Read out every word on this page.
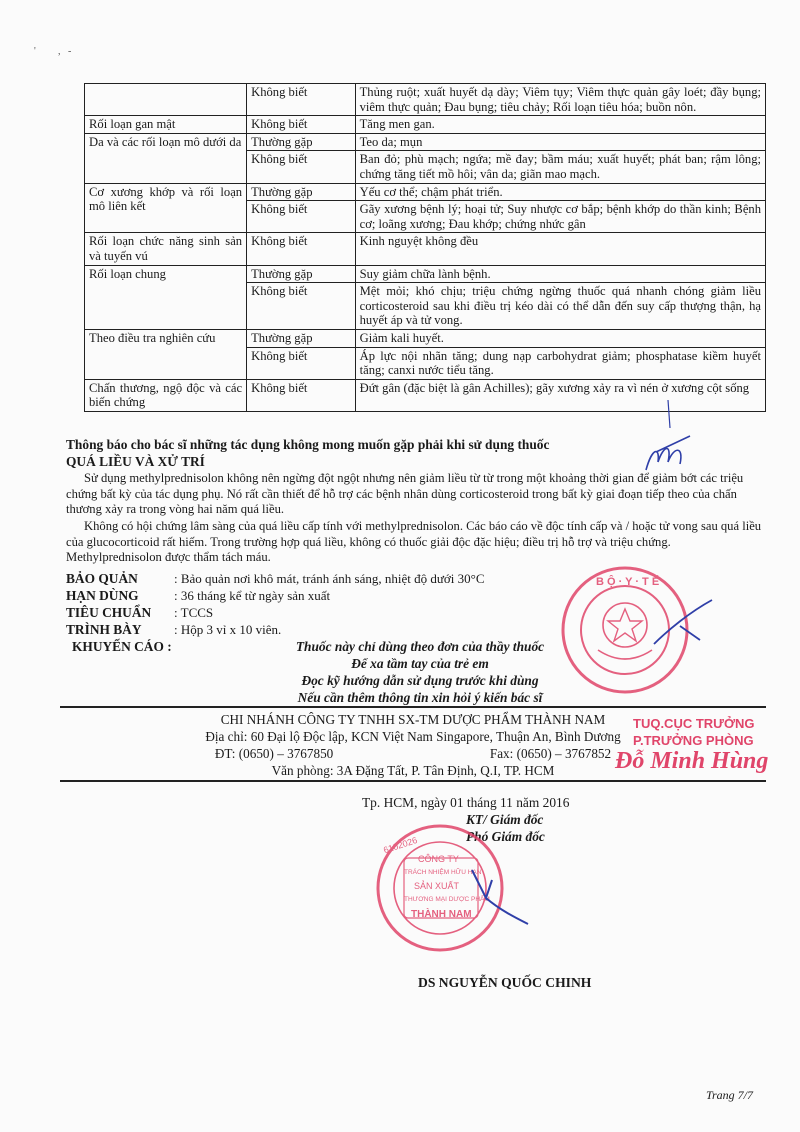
' , -
	Không biết	Thủng ruột; xuất huyết dạ dày; Viêm tụy; Viêm thực quản gây loét; đầy bụng; viêm thực quản; Đau bụng; tiêu chảy; Rối loạn tiêu hóa; buồn nôn.
Rối loạn gan mật	Không biết	Tăng men gan.
Da và các rối loạn mô dưới da	Thường gặp	Teo da; mụn
	Không biết	Ban đỏ; phù mạch; ngứa; mề đay; bầm máu; xuất huyết; phát ban; rậm lông; chứng tăng tiết mồ hôi; vân da; giãn mao mạch.
Cơ xương khớp và rối loạn mô liên kết	Thường gặp	Yếu cơ thể; chậm phát triển.
	Không biết	Gãy xương bệnh lý; hoại tử; Suy nhược cơ bắp; bệnh khớp do thần kinh; Bệnh cơ; loãng xương; Đau khớp; chứng nhức gân
Rối loạn chức năng sinh sản và tuyến vú	Không biết	Kinh nguyệt không đều
Rối loạn chung	Thường gặp	Suy giảm chữa lành bệnh.
	Không biết	Mệt mỏi; khó chịu; triệu chứng ngừng thuốc quá nhanh chóng giảm liều corticosteroid sau khi điều trị kéo dài có thể dẫn đến suy cấp thượng thận, hạ huyết áp và tử vong.
Theo điều tra nghiên cứu	Thường gặp	Giảm kali huyết.
	Không biết	Áp lực nội nhãn tăng; dung nạp carbohydrat giảm; phosphatase kiềm huyết tăng; canxi nước tiểu tăng.
Chấn thương, ngộ độc và các biến chứng	Không biết	Đứt gân (đặc biệt là gân Achilles); gãy xương xảy ra vì nén ở xương cột sống
Thông báo cho bác sĩ những tác dụng không mong muốn gặp phải khi sử dụng thuốc
QUÁ LIỀU VÀ XỬ TRÍ
Sử dụng methylprednisolon không nên ngừng đột ngột nhưng nên giảm liều từ từ trong một khoảng thời gian để giảm bớt các triệu chứng bất kỳ của tác dụng phụ. Nó rất cần thiết để hỗ trợ các bệnh nhân dùng corticosteroid trong bất kỳ giai đoạn tiếp theo của chấn thương xảy ra trong vòng hai năm quá liều.
Không có hội chứng lâm sàng của quá liều cấp tính với methylprednisolon. Các báo cáo về độc tính cấp và / hoặc tử vong sau quá liều của glucocorticoid rất hiếm. Trong trường hợp quá liều, không có thuốc giải độc đặc hiệu; điều trị hỗ trợ và triệu chứng. Methylprednisolon được thẩm tách máu.
BẢO QUẢN	: Bảo quản nơi khô mát, tránh ánh sáng, nhiệt độ dưới 30°C
HẠN DÙNG	: 36 tháng kể từ ngày sản xuất
TIÊU CHUẨN : TCCS
TRÌNH BÀY : Hộp 3 vỉ x 10 viên.
KHUYẾN CÁO :	Thuốc này chỉ dùng theo đơn của thầy thuốc
Để xa tầm tay của trẻ em
Đọc kỹ hướng dẫn sử dụng trước khi dùng
Nếu cần thêm thông tin xin hỏi ý kiến bác sĩ
CHI NHÁNH CÔNG TY TNHH SX-TM DƯỢC PHẨM THÀNH NAM
Địa chỉ: 60 Đại lộ Độc lập, KCN Việt Nam Singapore, Thuận An, Bình Dương
ĐT: (0650) – 3767850	Fax: (0650) – 3767852
Văn phòng: 3A Đặng Tất, P. Tân Định, Q.I, TP. HCM
TUQ.CỤC TRƯỞNG
P.TRƯỞNG PHÒNG
Đỗ Minh Hùng
Tp. HCM, ngày 01 tháng 11 năm 2016
KT/ Giám đốc
Phó Giám đốc
DS NGUYỄN QUỐC CHINH
Trang 7/7
B Ộ · Y · T Ế
CÔNG TY
TRÁCH NHIỆM HỮU HẠN
SẢN XUẤT
THƯƠNG MẠI DƯỢC PHẨM
THÀNH NAM
6102026
